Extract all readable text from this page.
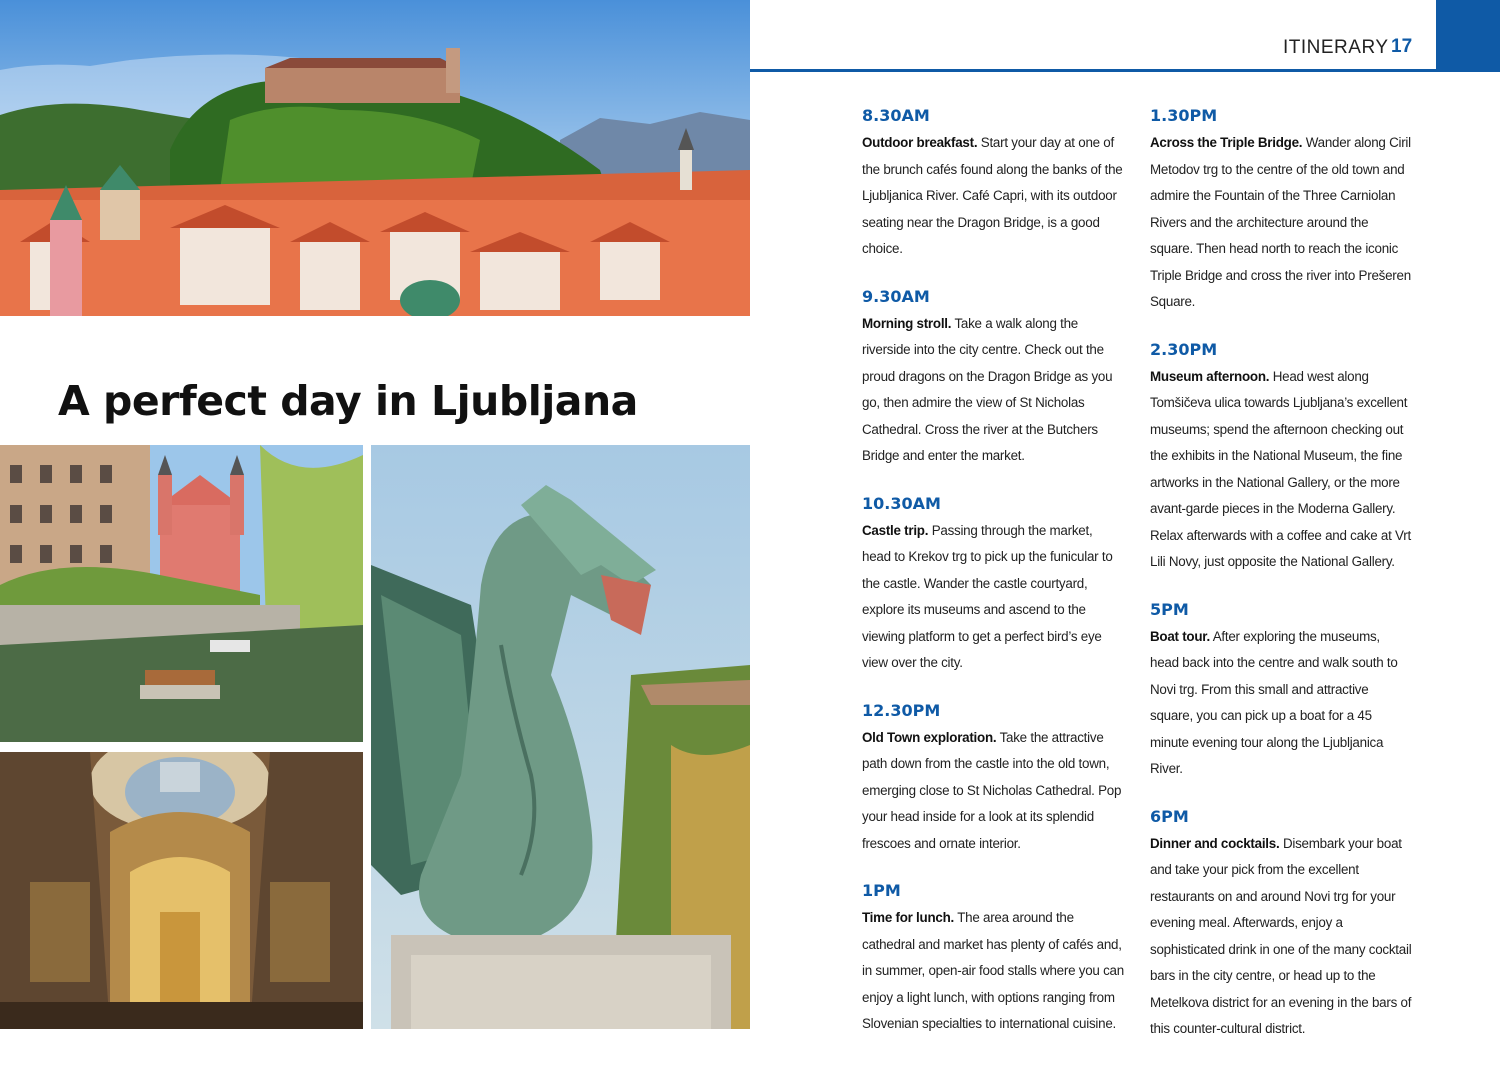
A perfect day in Ljubljana
ITINERARY 17
8.30AM
Outdoor breakfast. Start your day at one of the brunch cafés found along the banks of the Ljubljanica River. Café Capri, with its outdoor seating near the Dragon Bridge, is a good choice.
9.30AM
Morning stroll. Take a walk along the riverside into the city centre. Check out the proud dragons on the Dragon Bridge as you go, then admire the view of St Nicholas Cathedral. Cross the river at the Butchers Bridge and enter the market.
10.30AM
Castle trip. Passing through the market, head to Krekov trg to pick up the funicular to the castle. Wander the castle courtyard, explore its museums and ascend to the viewing platform to get a perfect bird’s eye view over the city.
12.30PM
Old Town exploration. Take the attractive path down from the castle into the old town, emerging close to St Nicholas Cathedral. Pop your head inside for a look at its splendid frescoes and ornate interior.
1PM
Time for lunch. The area around the cathedral and market has plenty of cafés and, in summer, open-air food stalls where you can enjoy a light lunch, with options ranging from Slovenian specialties to international cuisine.
1.30PM
Across the Triple Bridge. Wander along Ciril Metodov trg to the centre of the old town and admire the Fountain of the Three Carniolan Rivers and the architecture around the square. Then head north to reach the iconic Triple Bridge and cross the river into Prešeren Square.
2.30PM
Museum afternoon. Head west along Tomšičeva ulica towards Ljubljana’s excellent museums; spend the afternoon checking out the exhibits in the National Museum, the fine artworks in the National Gallery, or the more avant-garde pieces in the Moderna Gallery. Relax afterwards with a coffee and cake at Vrt Lili Novy, just opposite the National Gallery.
5PM
Boat tour. After exploring the museums, head back into the centre and walk south to Novi trg. From this small and attractive square, you can pick up a boat for a 45 minute evening tour along the Ljubljanica River.
6PM
Dinner and cocktails. Disembark your boat and take your pick from the excellent restaurants on and around Novi trg for your evening meal. Afterwards, enjoy a sophisticated drink in one of the many cocktail bars in the city centre, or head up to the Metelkova district for an evening in the bars of this counter-cultural district.
